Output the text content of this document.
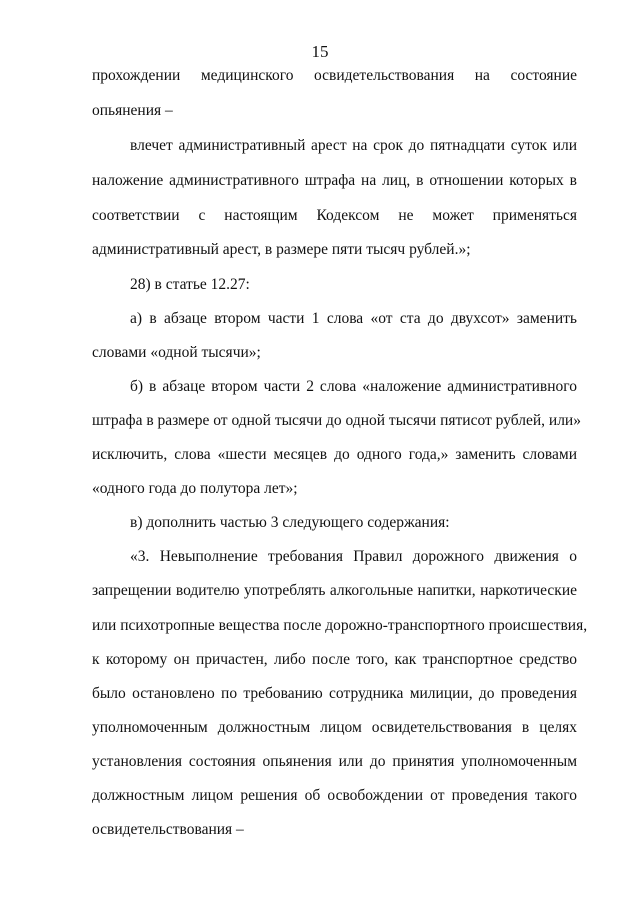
15
прохождении медицинского освидетельствования на состояние
опьянения –
влечет административный арест на срок до пятнадцати суток или
наложение административного штрафа на лиц, в отношении которых в
соответствии с настоящим Кодексом не может применяться
административный арест, в размере пяти тысяч рублей.»;
28) в статье 12.27:
а) в абзаце втором части 1 слова «от ста до двухсот» заменить
словами «одной тысячи»;
б) в абзаце втором части 2 слова «наложение административного
штрафа в размере от одной тысячи до одной тысячи пятисот рублей, или»
исключить, слова «шести месяцев до одного года,» заменить словами
«одного года до полутора лет»;
в) дополнить частью 3 следующего содержания:
«3. Невыполнение требования Правил дорожного движения о
запрещении водителю употреблять алкогольные напитки, наркотические
или психотропные вещества после дорожно-транспортного происшествия,
к которому он причастен, либо после того, как транспортное средство
было остановлено по требованию сотрудника милиции, до проведения
уполномоченным должностным лицом освидетельствования в целях
установления состояния опьянения или до принятия уполномоченным
должностным лицом решения об освобождении от проведения такого
освидетельствования –
